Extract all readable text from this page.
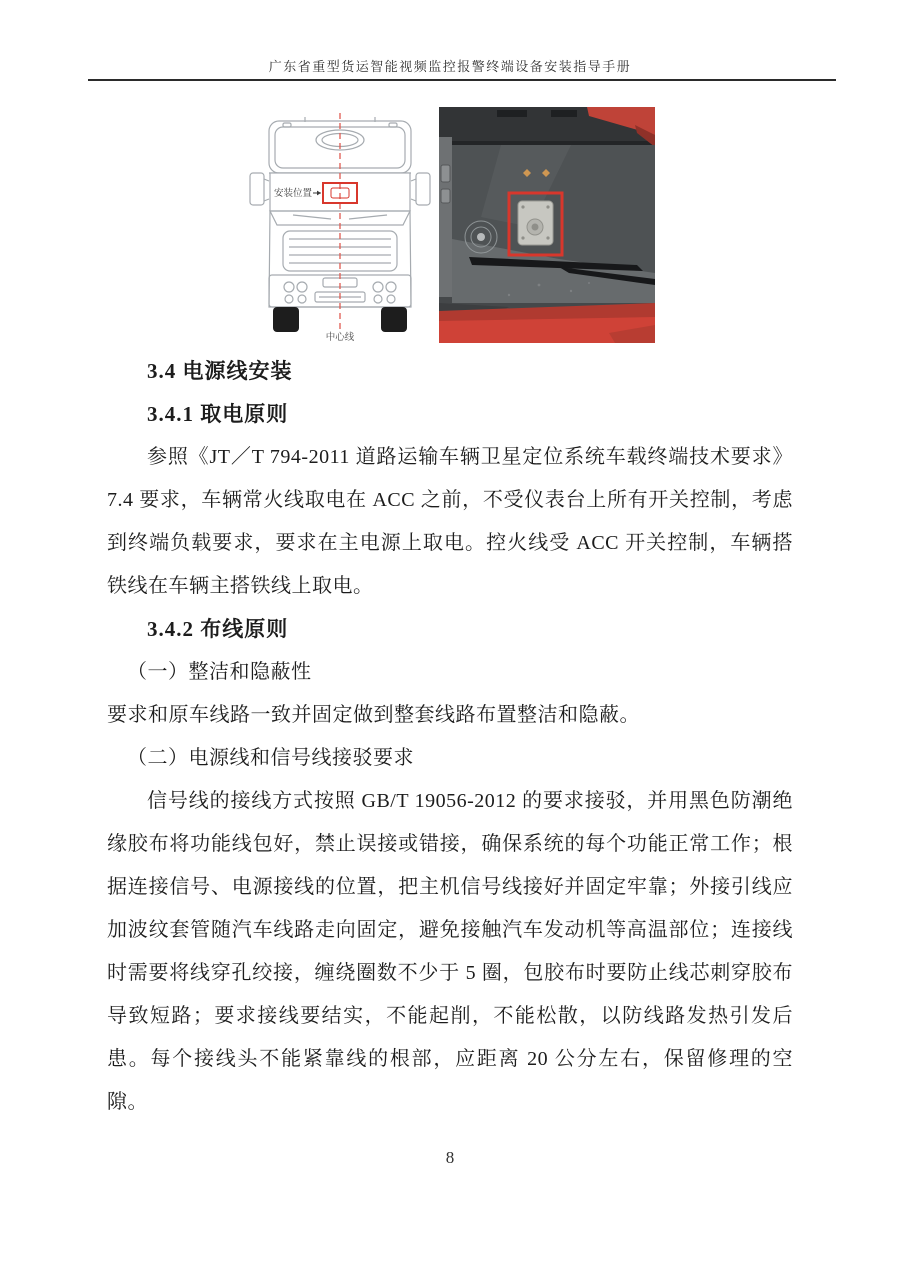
广东省重型货运智能视频监控报警终端设备安装指导手册
安装位置
中心线

3.4 电源线安装

3.4.1 取电原则

参照《JT／T 794-2011 道路运输车辆卫星定位系统车载终端技术要求》7.4 要求，车辆常火线取电在 ACC 之前，不受仪表台上所有开关控制，考虑到终端负载要求，要求在主电源上取电。控火线受 ACC 开关控制，车辆搭铁线在车辆主搭铁线上取电。

3.4.2 布线原则

（一）整洁和隐蔽性

要求和原车线路一致并固定做到整套线路布置整洁和隐蔽。

（二）电源线和信号线接驳要求

信号线的接线方式按照 GB/T 19056-2012 的要求接驳，并用黑色防潮绝缘胶布将功能线包好，禁止误接或错接，确保系统的每个功能正常工作；根据连接信号、电源接线的位置，把主机信号线接好并固定牢靠；外接引线应加波纹套管随汽车线路走向固定，避免接触汽车发动机等高温部位；连接线时需要将线穿孔绞接，缠绕圈数不少于 5 圈，包胶布时要防止线芯刺穿胶布导致短路；要求接线要结实，不能起削，不能松散，以防线路发热引发后患。每个接线头不能紧靠线的根部，应距离 20 公分左右，保留修理的空隙。

8
